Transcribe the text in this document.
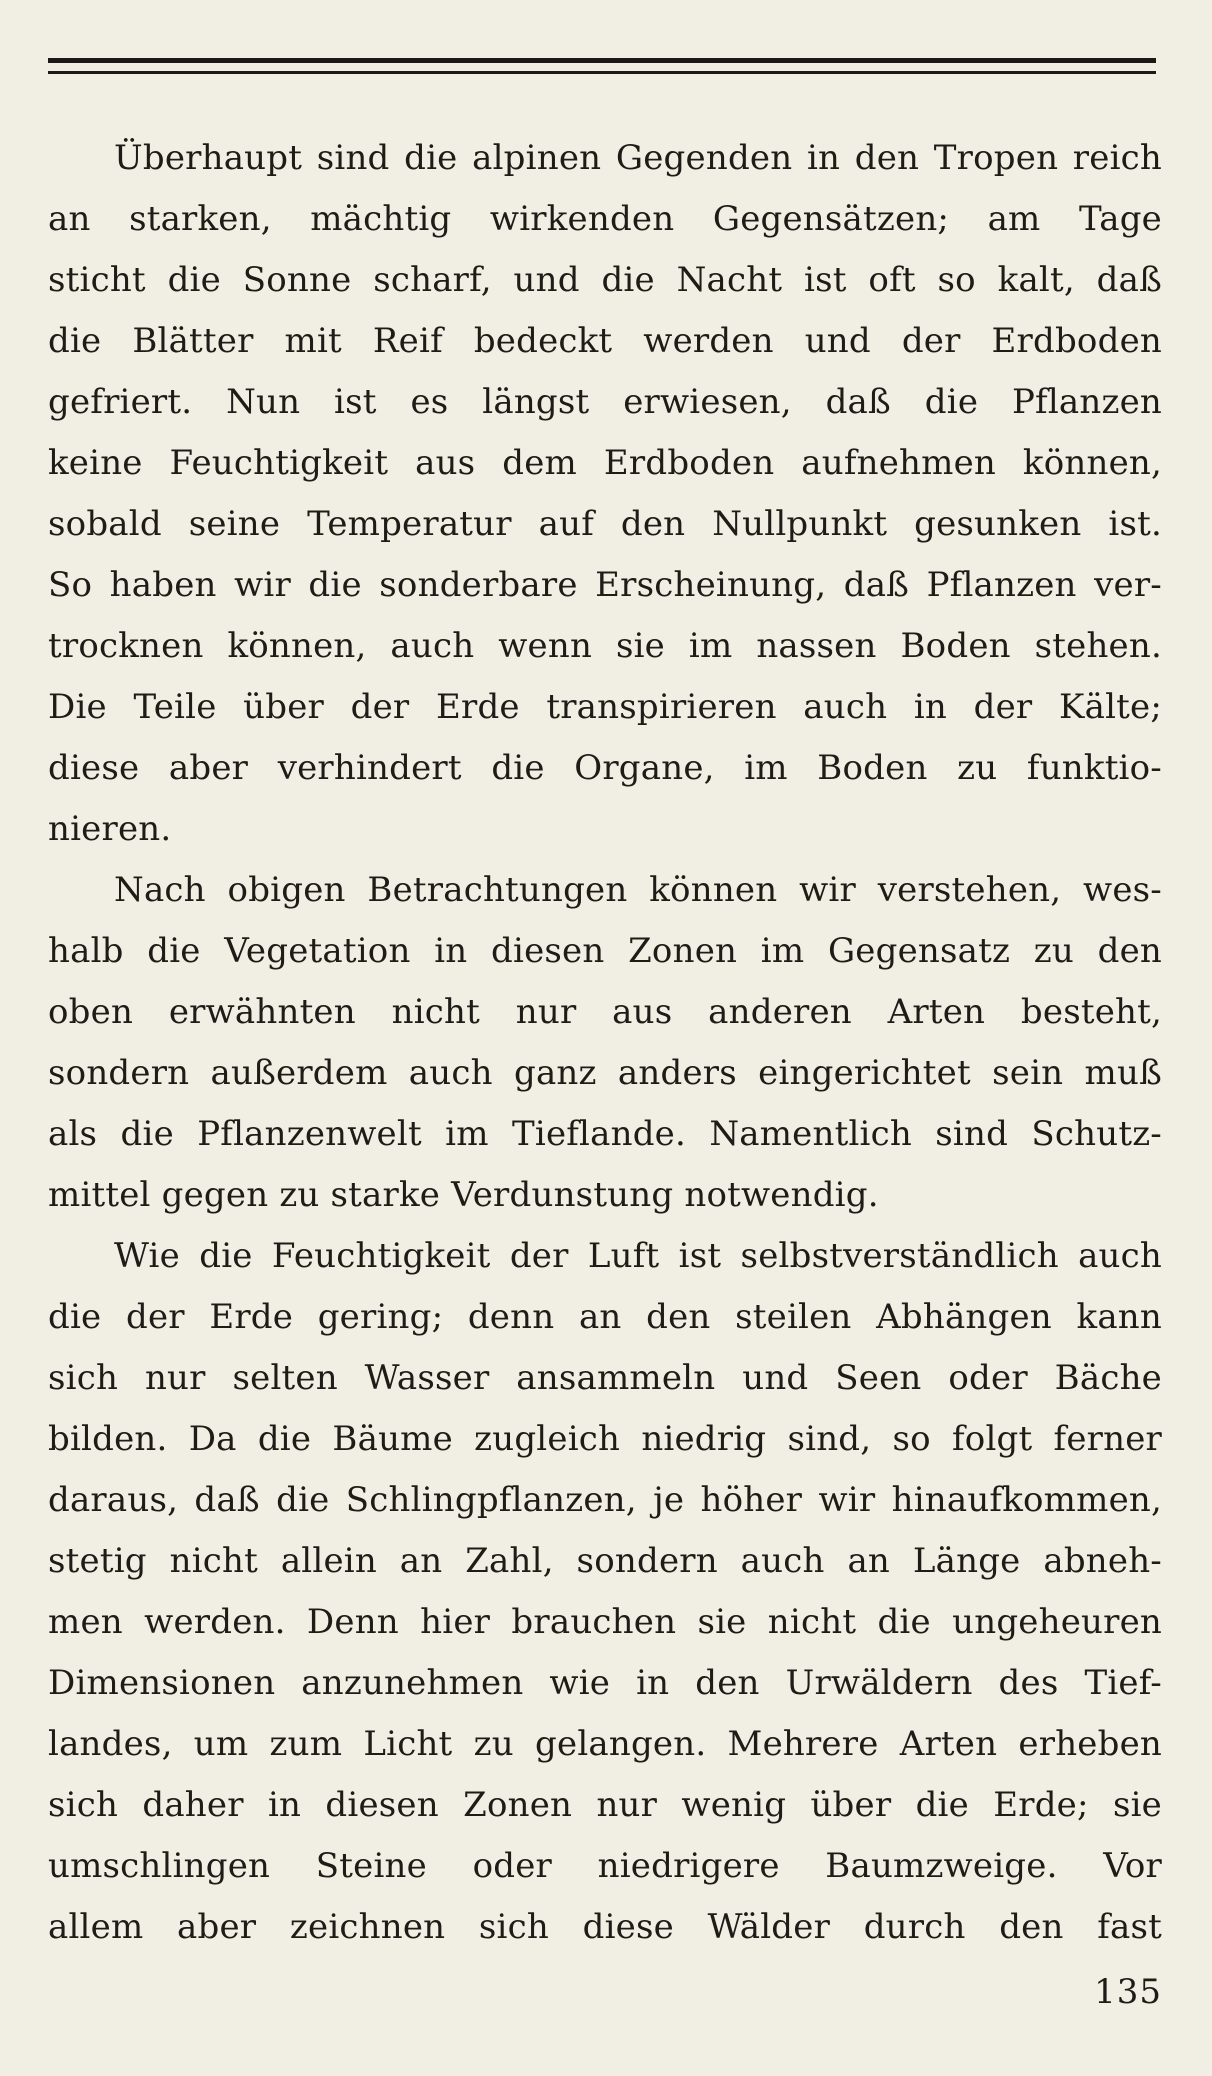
Überhaupt sind die alpinen Gegenden in den Tropen reich
an starken, mächtig wirkenden Gegensätzen; am Tage
sticht die Sonne scharf, und die Nacht ist oft so kalt, daß
die Blätter mit Reif bedeckt werden und der Erdboden
gefriert. Nun ist es längst erwiesen, daß die Pflanzen
keine Feuchtigkeit aus dem Erdboden aufnehmen können,
sobald seine Temperatur auf den Nullpunkt gesunken ist.
So haben wir die sonderbare Erscheinung, daß Pflanzen ver-
trocknen können, auch wenn sie im nassen Boden stehen.
Die Teile über der Erde transpirieren auch in der Kälte;
diese aber verhindert die Organe, im Boden zu funktio-
nieren.
Nach obigen Betrachtungen können wir verstehen, wes-
halb die Vegetation in diesen Zonen im Gegensatz zu den
oben erwähnten nicht nur aus anderen Arten besteht,
sondern außerdem auch ganz anders eingerichtet sein muß
als die Pflanzenwelt im Tieflande. Namentlich sind Schutz-
mittel gegen zu starke Verdunstung notwendig.
Wie die Feuchtigkeit der Luft ist selbstverständlich auch
die der Erde gering; denn an den steilen Abhängen kann
sich nur selten Wasser ansammeln und Seen oder Bäche
bilden. Da die Bäume zugleich niedrig sind, so folgt ferner
daraus, daß die Schlingpflanzen, je höher wir hinaufkommen,
stetig nicht allein an Zahl, sondern auch an Länge abneh-
men werden. Denn hier brauchen sie nicht die ungeheuren
Dimensionen anzunehmen wie in den Urwäldern des Tief-
landes, um zum Licht zu gelangen. Mehrere Arten erheben
sich daher in diesen Zonen nur wenig über die Erde; sie
umschlingen Steine oder niedrigere Baumzweige. Vor
allem aber zeichnen sich diese Wälder durch den fast
135
